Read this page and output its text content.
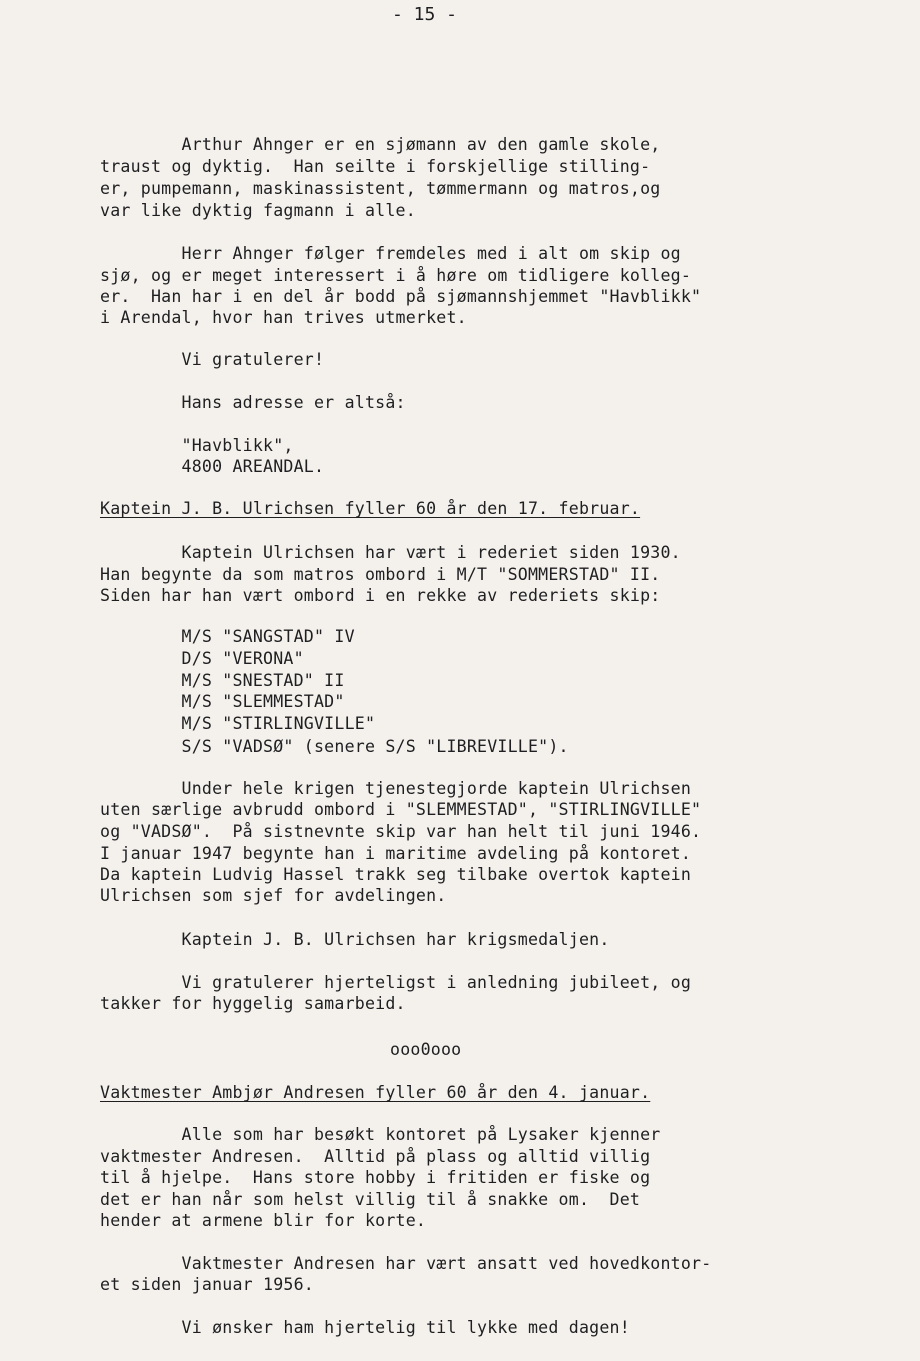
- 15 -
Arthur Ahnger er en sjømann av den gamle skole,
traust og dyktig.  Han seilte i forskjellige stilling-
er, pumpemann, maskinassistent, tømmermann og matros,og
var like dyktig fagmann i alle.
Herr Ahnger følger fremdeles med i alt om skip og
sjø, og er meget interessert i å høre om tidligere kolleg-
er.  Han har i en del år bodd på sjømannshjemmet "Havblikk"
i Arendal, hvor han trives utmerket.
Vi gratulerer!
Hans adresse er altså:
"Havblikk",
4800 AREANDAL.
Kaptein J. B. Ulrichsen fyller 60 år den 17. februar.
Kaptein Ulrichsen har vært i rederiet siden 1930.
Han begynte da som matros ombord i M/T "SOMMERSTAD" II.
Siden har han vært ombord i en rekke av rederiets skip:
M/S "SANGSTAD" IV
D/S "VERONA"
M/S "SNESTAD" II
M/S "SLEMMESTAD"
M/S "STIRLINGVILLE"
S/S "VADSØ" (senere S/S "LIBREVILLE").
Under hele krigen tjenestegjorde kaptein Ulrichsen
uten særlige avbrudd ombord i "SLEMMESTAD", "STIRLINGVILLE"
og "VADSØ".  På sistnevnte skip var han helt til juni 1946.
I januar 1947 begynte han i maritime avdeling på kontoret.
Da kaptein Ludvig Hassel trakk seg tilbake overtok kaptein
Ulrichsen som sjef for avdelingen.
Kaptein J. B. Ulrichsen har krigsmedaljen.
Vi gratulerer hjerteligst i anledning jubileet, og
takker for hyggelig samarbeid.
ooo0ooo
Vaktmester Ambjør Andresen fyller 60 år den 4. januar.
Alle som har besøkt kontoret på Lysaker kjenner
vaktmester Andresen.  Alltid på plass og alltid villig
til å hjelpe.  Hans store hobby i fritiden er fiske og
det er han når som helst villig til å snakke om.  Det
hender at armene blir for korte.
Vaktmester Andresen har vært ansatt ved hovedkontor-
et siden januar 1956.
Vi ønsker ham hjertelig til lykke med dagen!
